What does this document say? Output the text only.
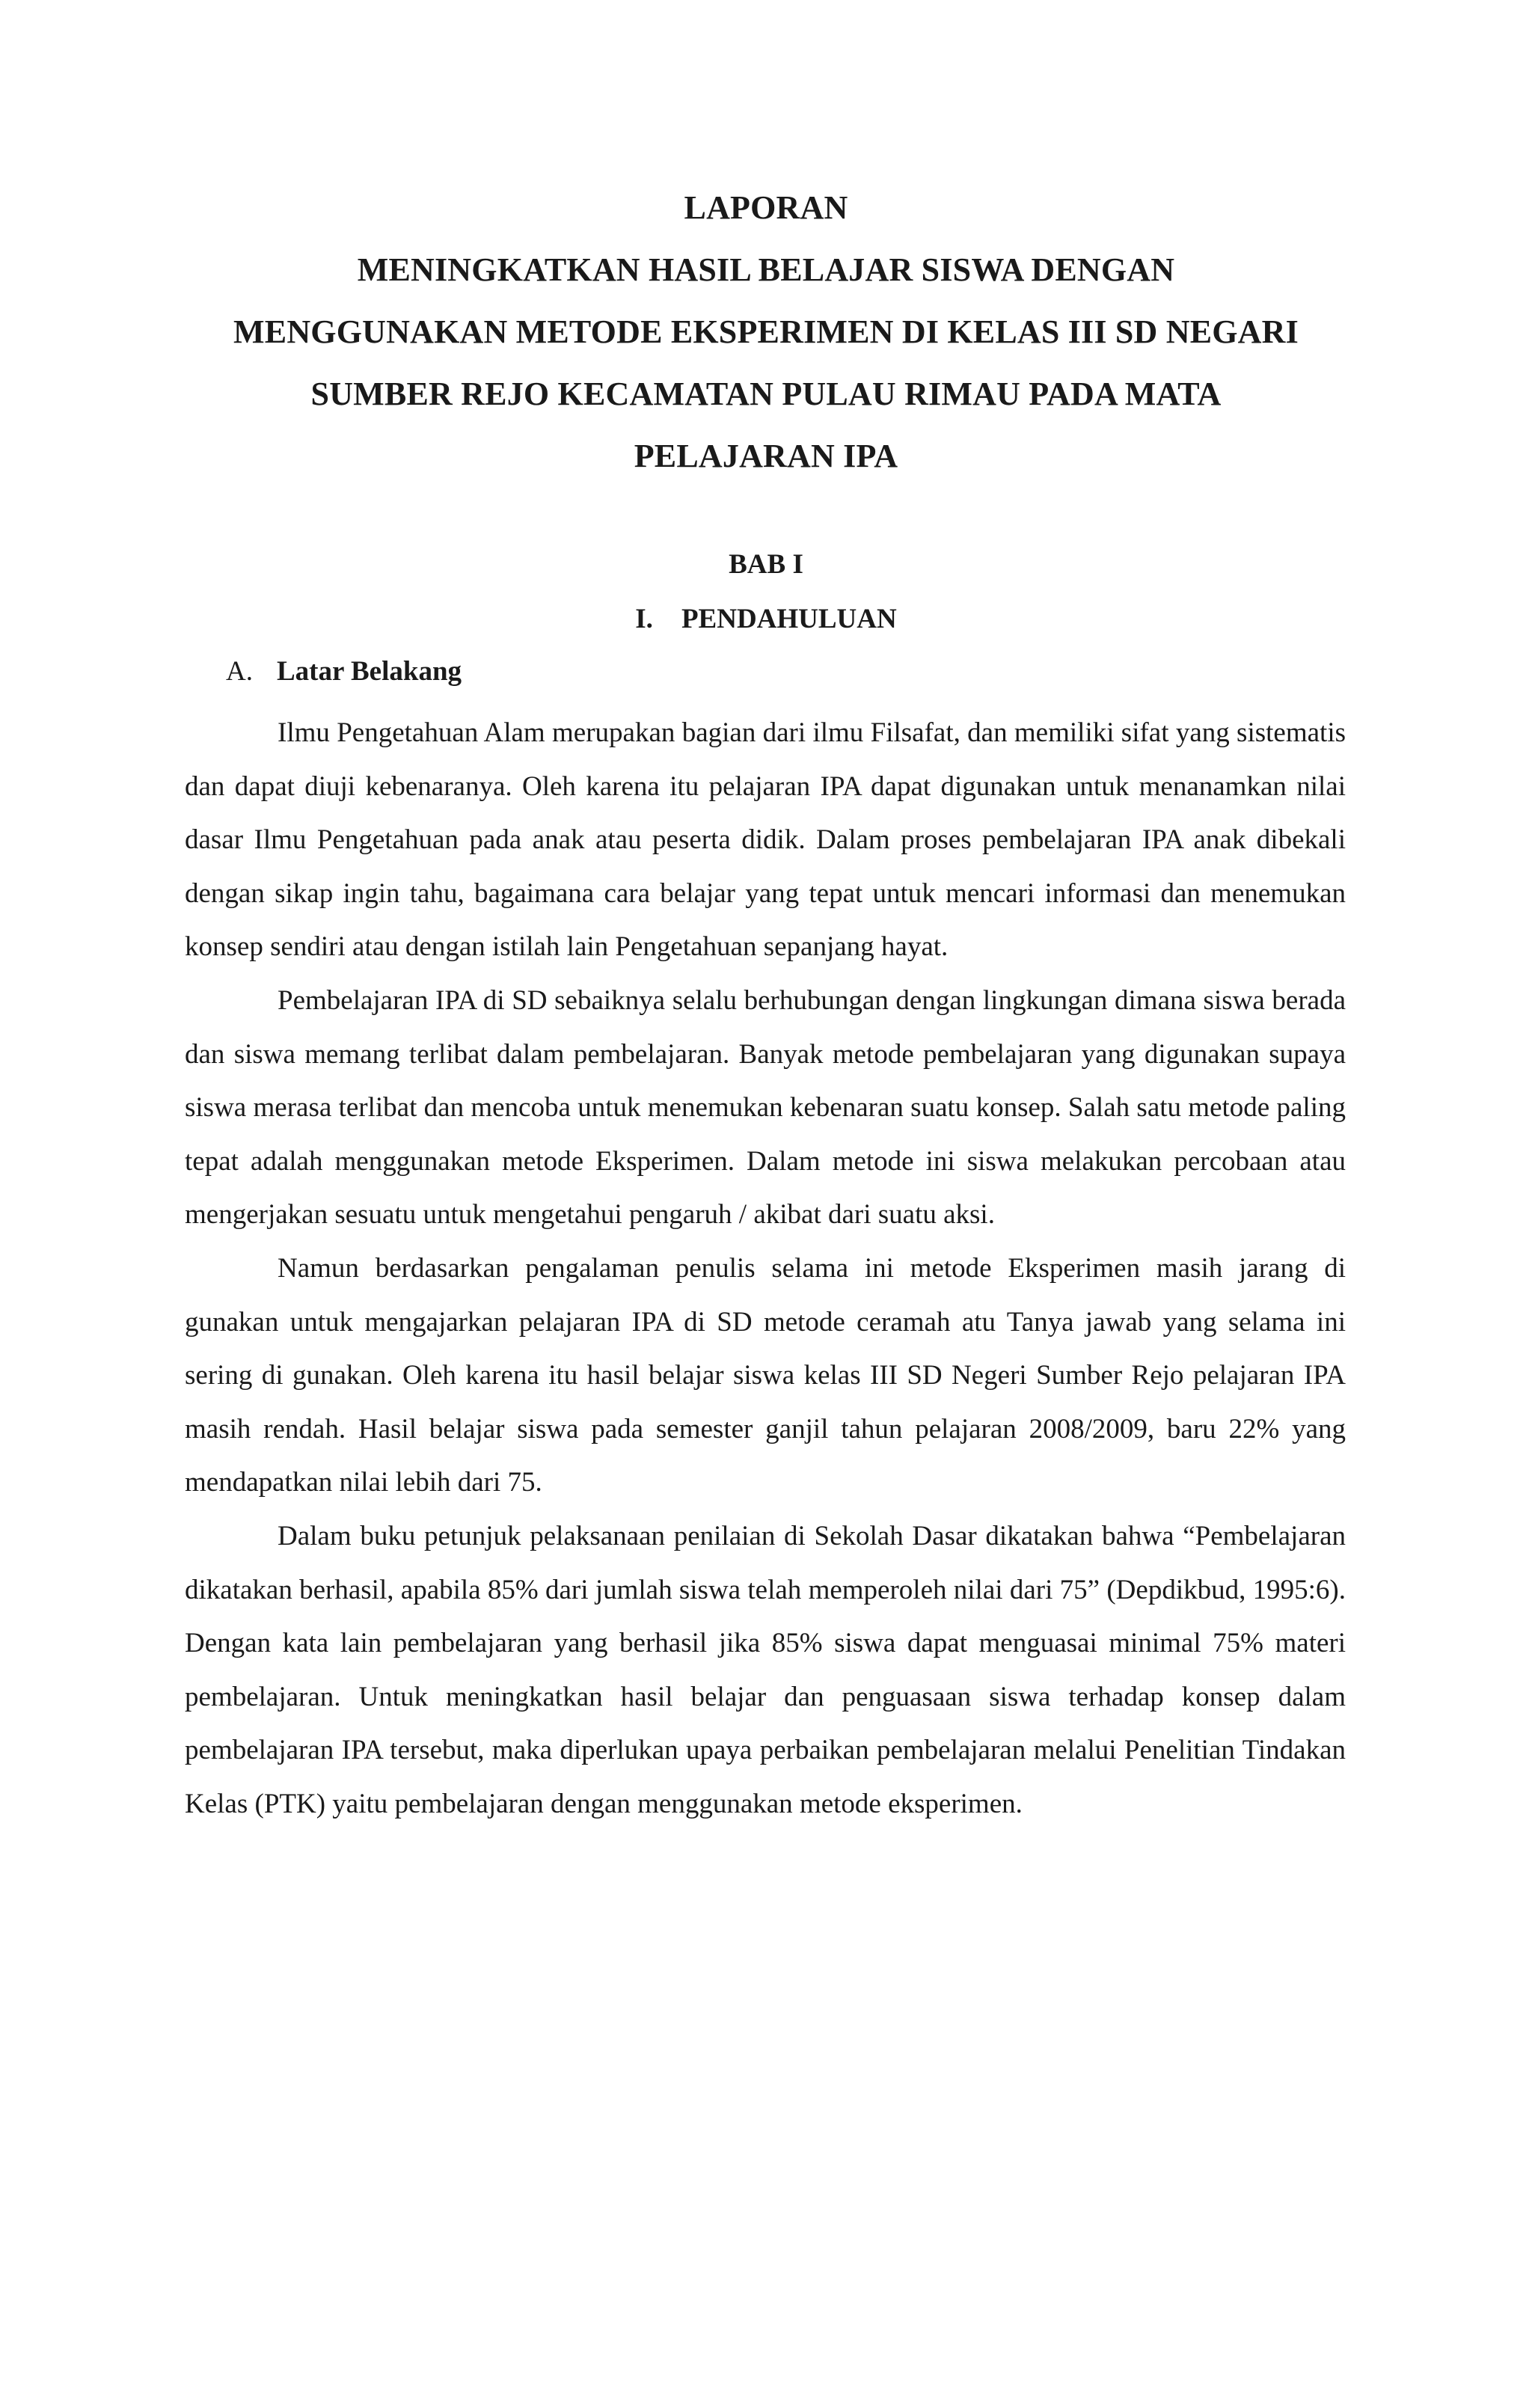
LAPORAN
MENINGKATKAN HASIL BELAJAR SISWA DENGAN
MENGGUNAKAN METODE EKSPERIMEN DI KELAS III SD NEGARI
SUMBER REJO KECAMATAN PULAU RIMAU PADA MATA
PELAJARAN IPA
BAB I
I. PENDAHULUAN
A. Latar Belakang

Ilmu Pengetahuan Alam merupakan bagian dari ilmu Filsafat, dan memiliki sifat yang sistematis dan dapat diuji kebenaranya. Oleh karena itu pelajaran IPA dapat digunakan untuk menanamkan nilai dasar Ilmu Pengetahuan pada anak atau peserta didik. Dalam proses pembelajaran IPA anak dibekali dengan sikap ingin tahu, bagaimana cara belajar yang tepat untuk mencari informasi dan menemukan konsep sendiri atau dengan istilah lain Pengetahuan sepanjang hayat.

Pembelajaran IPA di SD sebaiknya selalu berhubungan dengan lingkungan dimana siswa berada dan siswa memang terlibat dalam pembelajaran. Banyak metode pembelajaran yang digunakan supaya siswa merasa terlibat dan mencoba untuk menemukan kebenaran suatu konsep. Salah satu metode paling tepat adalah menggunakan metode Eksperimen. Dalam metode ini siswa melakukan percobaan atau mengerjakan sesuatu untuk mengetahui pengaruh / akibat dari suatu aksi.

Namun berdasarkan pengalaman penulis selama ini metode Eksperimen masih jarang di gunakan untuk mengajarkan pelajaran IPA di SD metode ceramah atu Tanya jawab yang selama ini sering di gunakan. Oleh karena itu hasil belajar siswa kelas III SD Negeri Sumber Rejo pelajaran IPA masih rendah. Hasil belajar siswa pada semester ganjil tahun pelajaran 2008/2009, baru 22% yang mendapatkan nilai lebih dari 75.

Dalam buku petunjuk pelaksanaan penilaian di Sekolah Dasar dikatakan bahwa “Pembelajaran dikatakan berhasil, apabila 85% dari jumlah siswa telah memperoleh nilai dari 75” (Depdikbud, 1995:6). Dengan kata lain pembelajaran yang berhasil jika 85% siswa dapat menguasai minimal 75% materi pembelajaran. Untuk meningkatkan hasil belajar dan penguasaan siswa terhadap konsep dalam pembelajaran IPA tersebut, maka diperlukan upaya perbaikan pembelajaran melalui Penelitian Tindakan Kelas (PTK) yaitu pembelajaran dengan menggunakan metode eksperimen.
